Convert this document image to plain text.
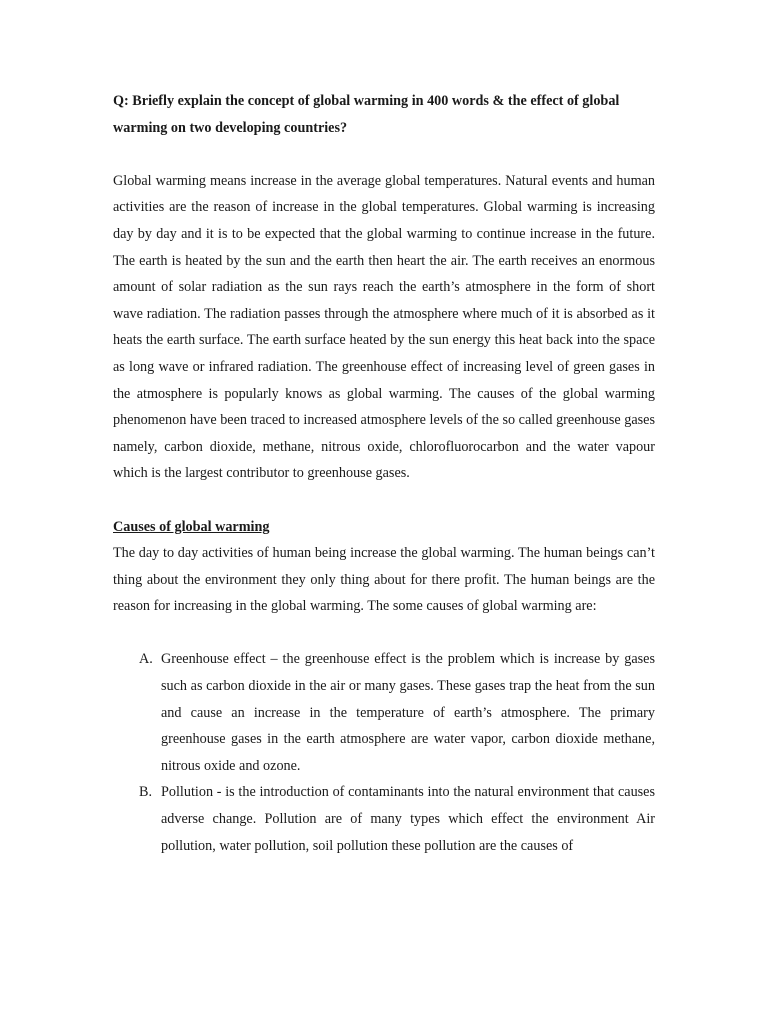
Q: Briefly explain the concept of global warming in 400 words & the effect of global warming on two developing countries?

Global warming means increase in the average global temperatures. Natural events and human activities are the reason of increase in the global temperatures. Global warming is increasing day by day and it is to be expected that the global warming to continue increase in the future. The earth is heated by the sun and the earth then heart the air. The earth receives an enormous amount of solar radiation as the sun rays reach the earth’s atmosphere in the form of short wave radiation. The radiation passes through the atmosphere where much of it is absorbed as it heats the earth surface. The earth surface heated by the sun energy this heat back into the space as long wave or infrared radiation. The greenhouse effect of increasing level of green gases in the atmosphere is popularly knows as global warming. The causes of the global warming phenomenon have been traced to increased atmosphere levels of the so called greenhouse gases namely, carbon dioxide, methane, nitrous oxide, chlorofluorocarbon and the water vapour which is the largest contributor to greenhouse gases.

Causes of global warming

The day to day activities of human being increase the global warming. The human beings can’t thing about the environment they only thing about for there profit. The human beings are the reason for increasing in the global warming. The some causes of global warming are:

A. Greenhouse effect – the greenhouse effect is the problem which is increase by gases such as carbon dioxide in the air or many gases. These gases trap the heat from the sun and cause an increase in the temperature of earth’s atmosphere. The primary greenhouse gases in the earth atmosphere are water vapor, carbon dioxide methane, nitrous oxide and ozone.
B. Pollution - is the introduction of contaminants into the natural environment that causes adverse change. Pollution are of many types which effect the environment Air pollution, water pollution, soil pollution these pollution are the causes of
